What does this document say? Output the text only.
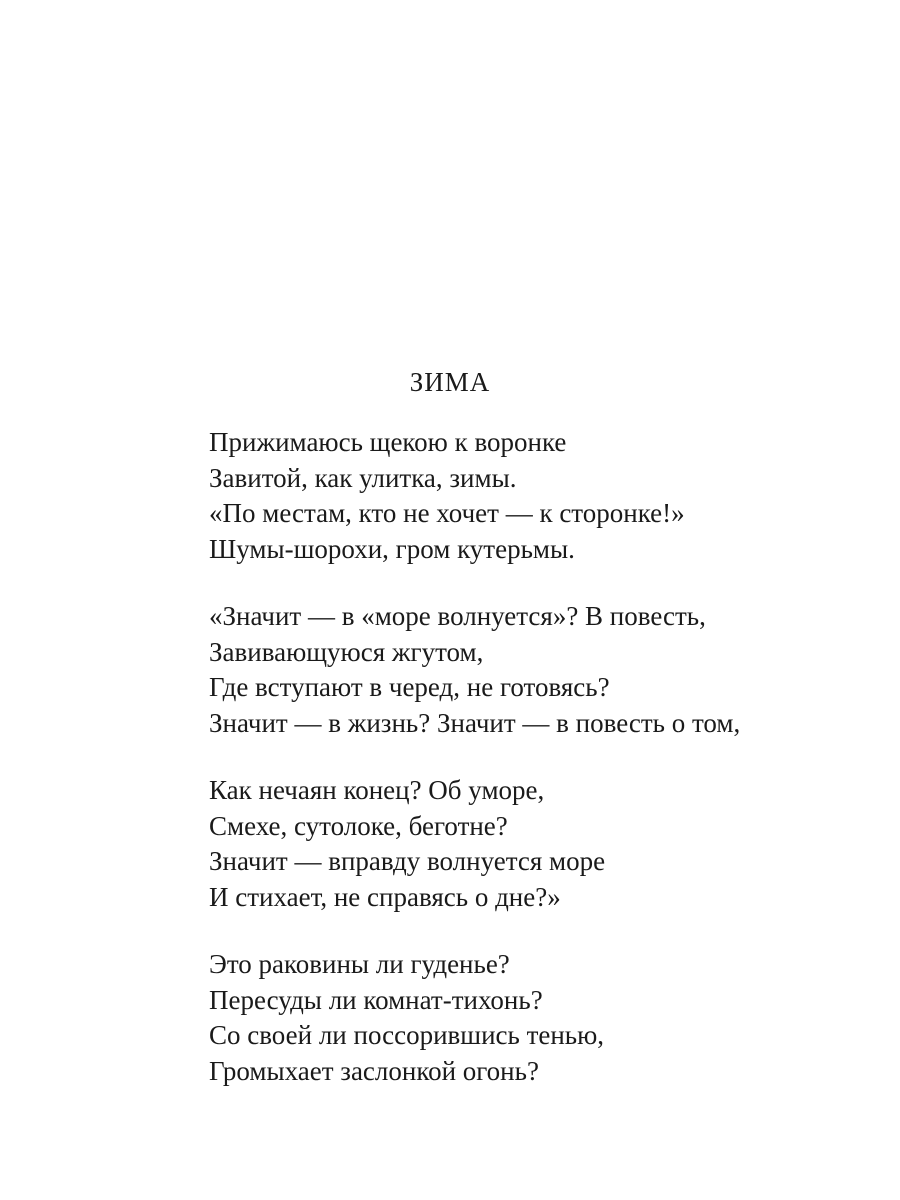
ЗИМА
Прижимаюсь щекою к воронке
Завитой, как улитка, зимы.
«По местам, кто не хочет — к сторонке!»
Шумы-шорохи, гром кутерьмы.
«Значит — в «море волнуется»? В повесть,
Завивающуюся жгутом,
Где вступают в черед, не готовясь?
Значит — в жизнь? Значит — в повесть о том,
Как нечаян конец? Об уморе,
Смехе, сутолоке, беготне?
Значит — вправду волнуется море
И стихает, не справясь о дне?»
Это раковины ли гуденье?
Пересуды ли комнат-тихонь?
Со своей ли поссорившись тенью,
Громыхает заслонкой огонь?
